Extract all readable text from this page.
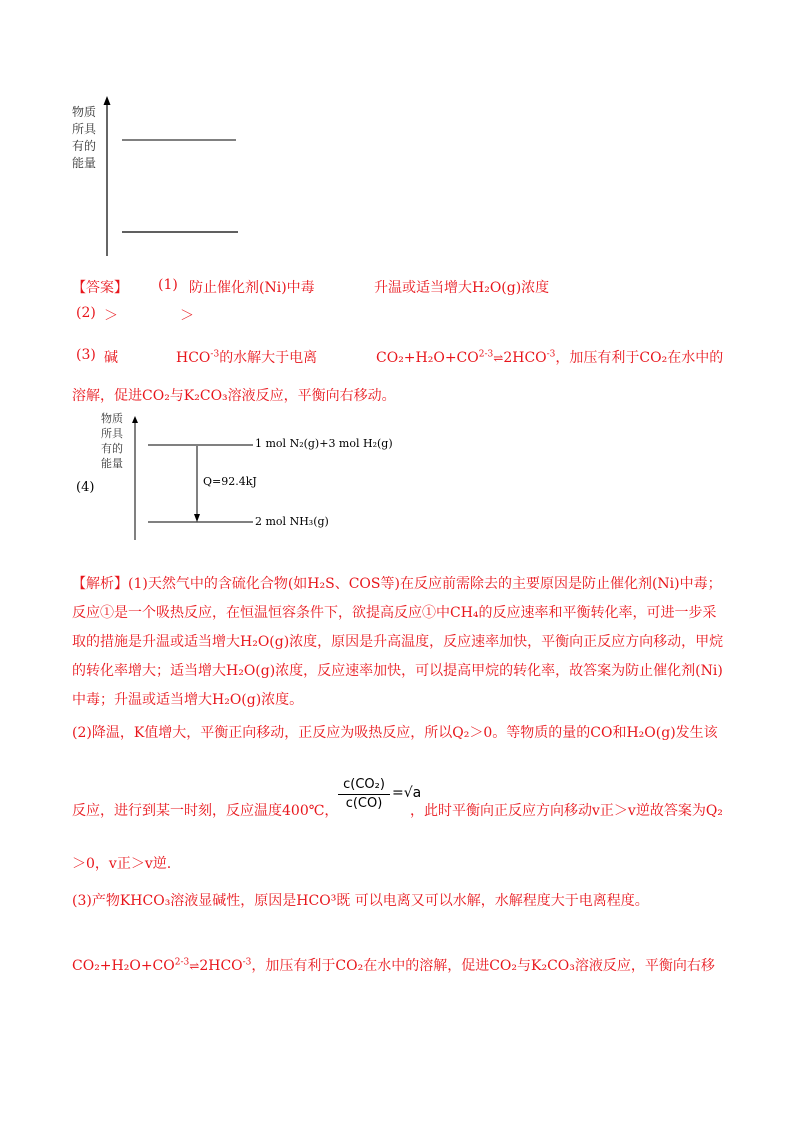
物质
所具
有的
能量
【答案】 (1) 防止催化剂(Ni)中毒	升温或适当增大H₂O(g)浓度
(2) ＞	＞
(3) 碱	$HCO^{-3}$的水解大于电离	$CO_2+H_2O+CO^{2-3}\rightleftharpoons 2HCO^{-3}$，加压有利于CO₂在水中的
溶解，促进CO₂与K₂CO₃溶液反应，平衡向右移动。
物质
所具
有的
能量
(4)
1 mol N₂(g)+3 mol H₂(g)
Q=92.4kJ
2 mol NH₃(g)
【解析】(1)天然气中的含硫化合物(如H₂S、COS等)在反应前需除去的主要原因是防止催化剂(Ni)中毒；反应①是一个吸热反应，在恒温恒容条件下，欲提高反应①中CH₄的反应速率和平衡转化率，可进一步采取的措施是升温或适当增大H₂O(g)浓度，原因是升高温度，反应速率加快，平衡向正反应方向移动，甲烷的转化率增大；适当增大H₂O(g)浓度，反应速率加快，可以提高甲烷的转化率，故答案为防止催化剂(Ni)中毒；升温或适当增大H₂O(g)浓度。
(2)降温，K值增大，平衡正向移动，正反应为吸热反应，所以Q₂＞0。等物质的量的CO和H₂O(g)发生该
反应，进行到某一时刻，反应温度400℃，
c(CO₂)
c(CO)
=√a
，此时平衡向正反应方向移动v正＞v逆故答案为Q₂
＞0，v正＞v逆.
(3)产物KHCO₃溶液显碱性，原因是HCO³既 可以电离又可以水解，水解程度大于电离程度。
$CO_2+H_2O+CO^{2-3}\rightleftharpoons 2HCO^{-3}$，加压有利于CO₂在水中的溶解，促进CO₂与K₂CO₃溶液反应，平衡向右移
